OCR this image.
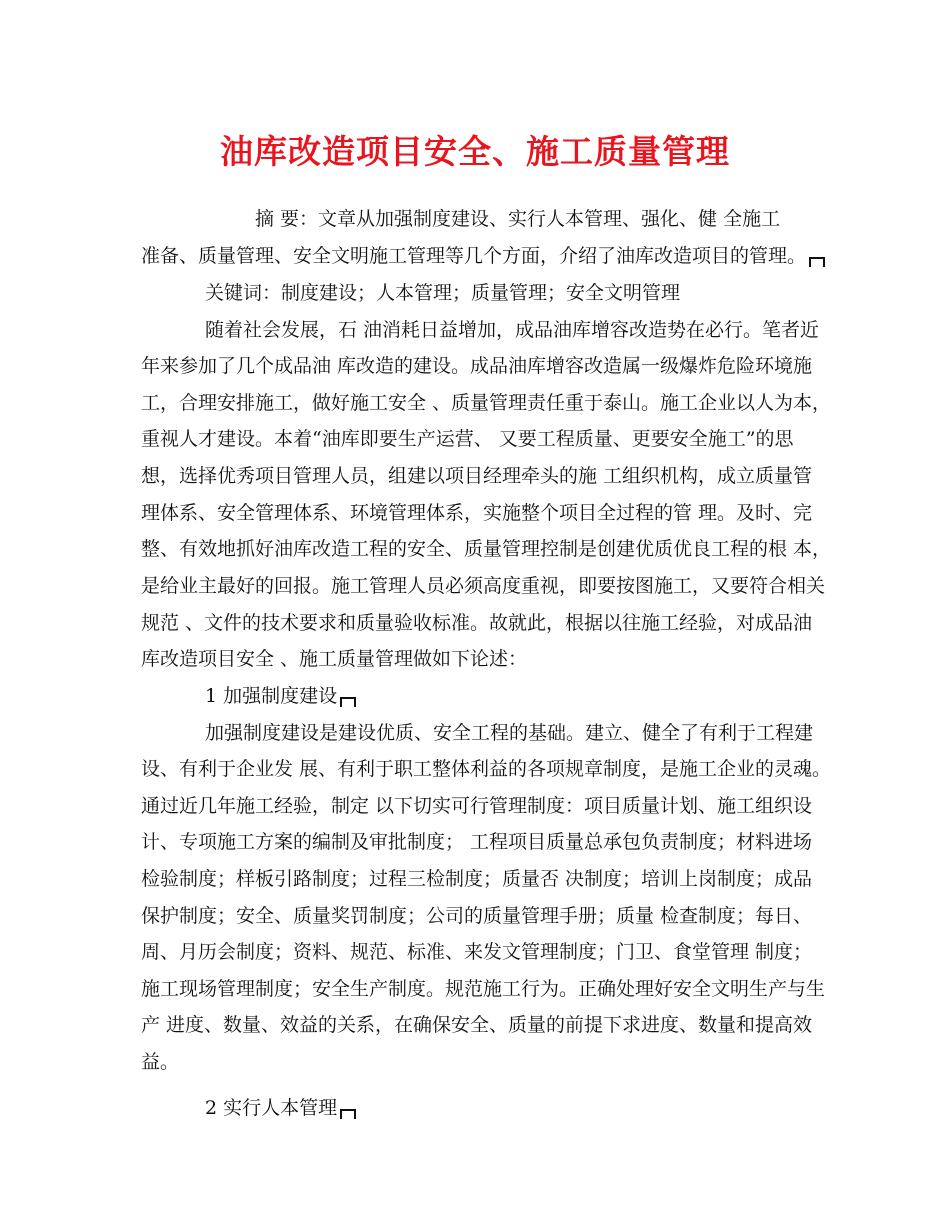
油库改造项目安全、施工质量管理
摘 要：文章从加强制度建设、实行人本管理、强化、健 全施工
准备、质量管理、安全文明施工管理等几个方面，介绍了油库改造项目的管理。
关键词：制度建设；人本管理；质量管理；安全文明管理
随着社会发展，石 油消耗日益增加，成品油库增容改造势在必行。笔者近
年来参加了几个成品油 库改造的建设。成品油库增容改造属一级爆炸危险环境施
工，合理安排施工，做好施工安全 、质量管理责任重于泰山。施工企业以人为本，
重视人才建设。本着“油库即要生产运营、 又要工程质量、更要安全施工”的思
想，选择优秀项目管理人员，组建以项目经理牵头的施 工组织机构，成立质量管
理体系、安全管理体系、环境管理体系，实施整个项目全过程的管 理。及时、完
整、有效地抓好油库改造工程的安全、质量管理控制是创建优质优良工程的根 本，
是给业主最好的回报。施工管理人员必须高度重视，即要按图施工，又要符合相关
规范 、文件的技术要求和质量验收标准。故就此，根据以往施工经验，对成品油
库改造项目安全 、施工质量管理做如下论述：
1 加强制度建设
加强制度建设是建设优质、安全工程的基础。建立、健全了有利于工程建
设、有利于企业发 展、有利于职工整体利益的各项规章制度，是施工企业的灵魂。
通过近几年施工经验，制定 以下切实可行管理制度：项目质量计划、施工组织设
计、专项施工方案的编制及审批制度； 工程项目质量总承包负责制度；材料进场
检验制度；样板引路制度；过程三检制度；质量否 决制度；培训上岗制度；成品
保护制度；安全、质量奖罚制度；公司的质量管理手册；质量 检查制度；每日、
周、月历会制度；资料、规范、标准、来发文管理制度；门卫、食堂管理 制度；
施工现场管理制度；安全生产制度。规范施工行为。正确处理好安全文明生产与生
产 进度、数量、效益的关系，在确保安全、质量的前提下求进度、数量和提高效
益。
2 实行人本管理
